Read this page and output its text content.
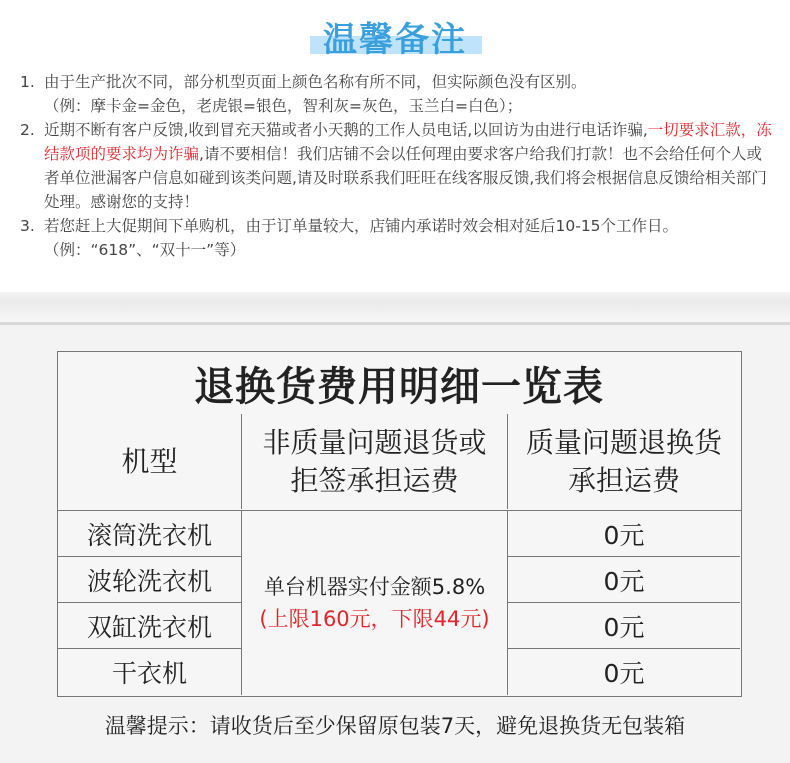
温馨备注
1. 由于生产批次不同，部分机型页面上颜色名称有所不同，但实际颜色没有区别。
（例：摩卡金=金色，老虎银=银色，智利灰=灰色，玉兰白=白色）；
2. 近期不断有客户反馈,收到冒充天猫或者小天鹅的工作人员电话,以回访为由进行电话诈骗,一切要求汇款，冻结款项的要求均为诈骗,请不要相信！我们店铺不会以任何理由要求客户给我们打款！也不会给任何个人或者单位泄漏客户信息如碰到该类问题,请及时联系我们旺旺在线客服反馈,我们将会根据信息反馈给相关部门处理。感谢您的支持！
3. 若您赶上大促期间下单购机，由于订单量较大，店铺内承诺时效会相对延后10-15个工作日。（例：“618”、“双十一”等）
退换货费用明细一览表
机型
非质量问题退货或
拒签承担运费
质量问题退换货
承担运费
滚筒洗衣机
波轮洗衣机
双缸洗衣机
干衣机
单台机器实付金额5.8%
(上限160元，下限44元)
0元
0元
0元
0元
温馨提示：请收货后至少保留原包装7天，避免退换货无包装箱
